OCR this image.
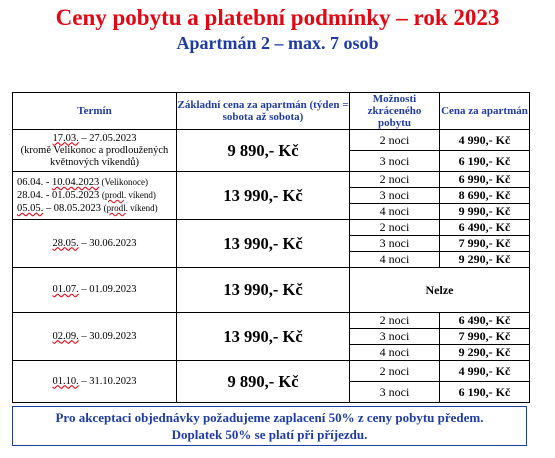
Ceny pobytu a platební podmínky – rok 2023
Apartmán 2 – max. 7 osob
Termín	Základní cena za apartmán (týden = sobota až sobota)	Možnosti zkráceného pobytu	Cena za apartmán

17.03. – 27.05.2023
(kromě Velikonoc a prodloužených
květnových víkendů)	9 890,- Kč	2 noci	4 990,- Kč
		3 noci	6 190,- Kč

06.04. - 10.04.2023 (Velikonoce)
28.04. - 01.05.2023 (prodl. víkend)
05.05. – 08.05.2023 (prodl. víkend)	13 990,- Kč	2 noci	6 990,- Kč
		3 noci	8 690,- Kč
		4 noci	9 990,- Kč

28.05. – 30.06.2023	13 990,- Kč	2 noci	6 490,- Kč
		3 noci	7 990,- Kč
		4 noci	9 290,- Kč

01.07. – 01.09.2023	13 990,- Kč	Nelze	

02.09. – 30.09.2023	13 990,- Kč	2 noci	6 490,- Kč
		3 noci	7 990,- Kč
		4 noci	9 290,- Kč

01.10. – 31.10.2023	9 890,- Kč	2 noci	4 990,- Kč
		3 noci	6 190,- Kč
Pro akceptaci objednávky požadujeme zaplacení 50% z ceny pobytu předem.
Doplatek 50% se platí při příjezdu.
